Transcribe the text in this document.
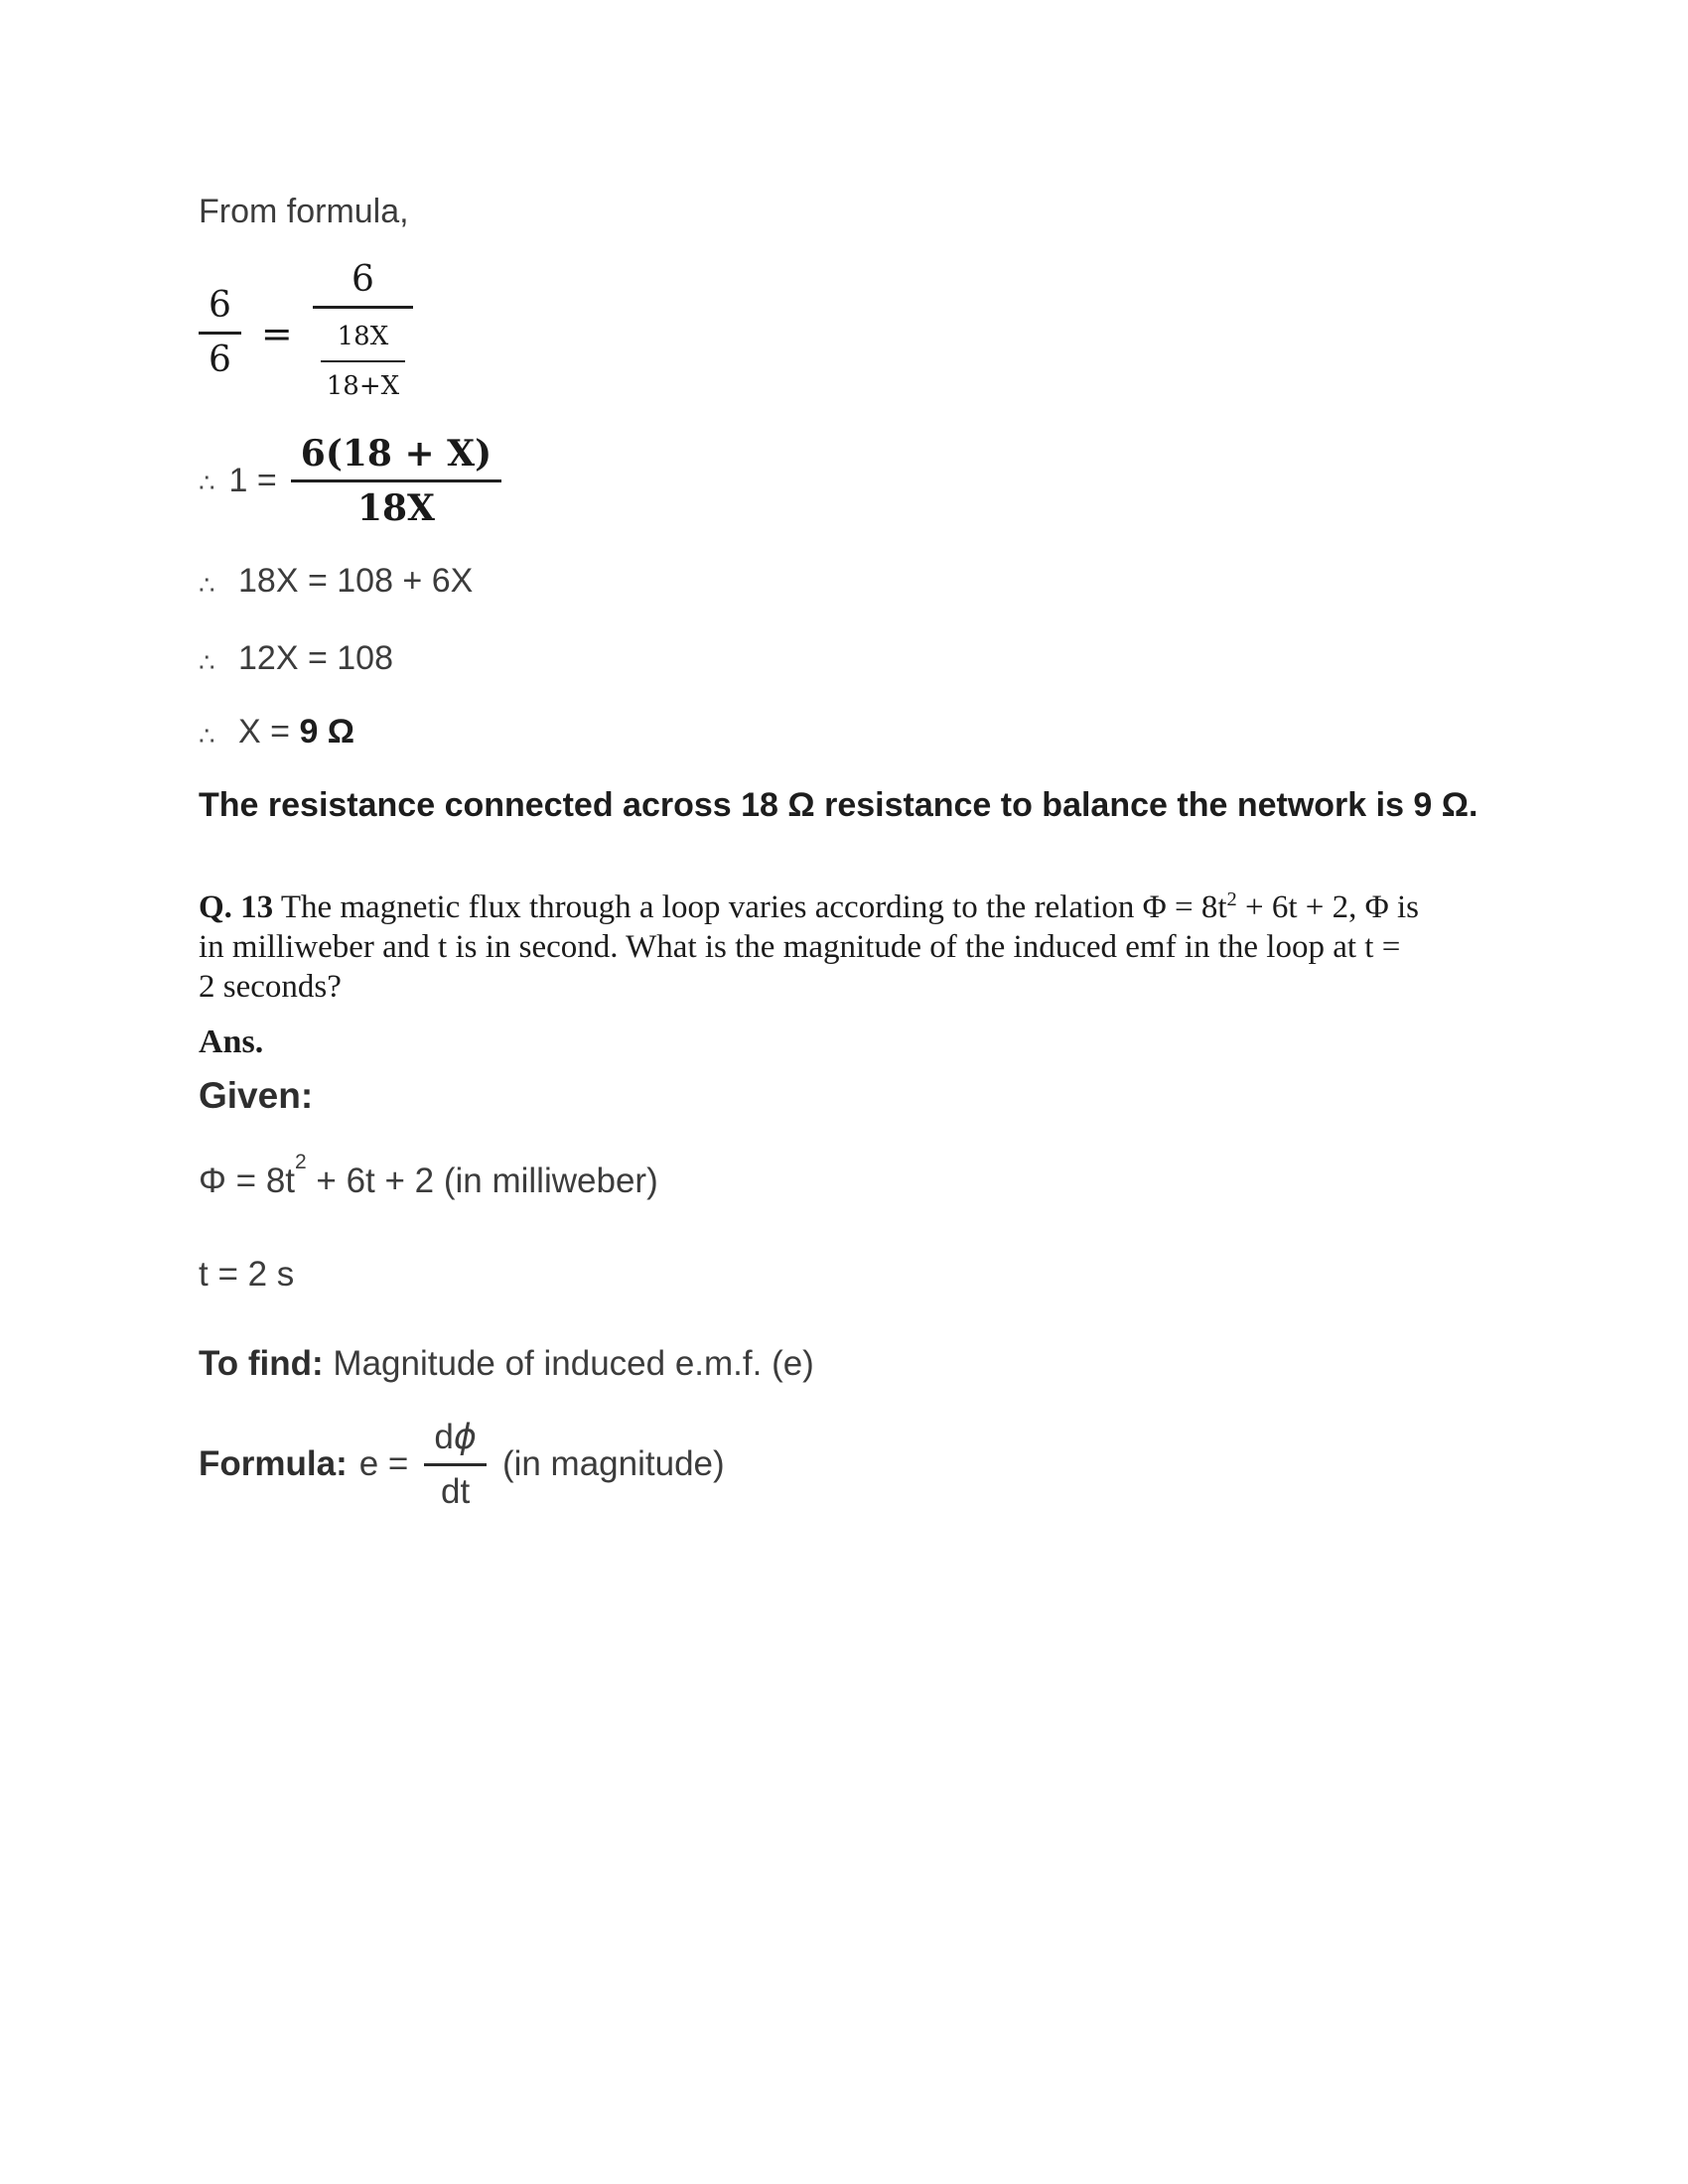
From formula,

$\frac{6}{6} = \frac{6}{\frac{18X}{18+X}}$
∴ $1 = \frac{6(18 + X)}{18X}$

∴ 18X = 108 + 6X

∴ 12X = 108

∴ X = 9 Ω

The resistance connected across 18 Ω resistance to balance the network is 9 Ω.

Q. 13 The magnetic flux through a loop varies according to the relation $\Phi = 8t^2 + 6t + 2$, Φ is

in milliweber and t is in second. What is the magnitude of the induced emf in the loop at t =

2 seconds?

Ans.

Given:

$\Phi = 8t^2 + 6t + 2$ (in milliweber)

t = 2 s

To find: Magnitude of induced e.m.f. (e)

Formula: $e = \frac{d\phi}{dt} (in$ magnitude)
